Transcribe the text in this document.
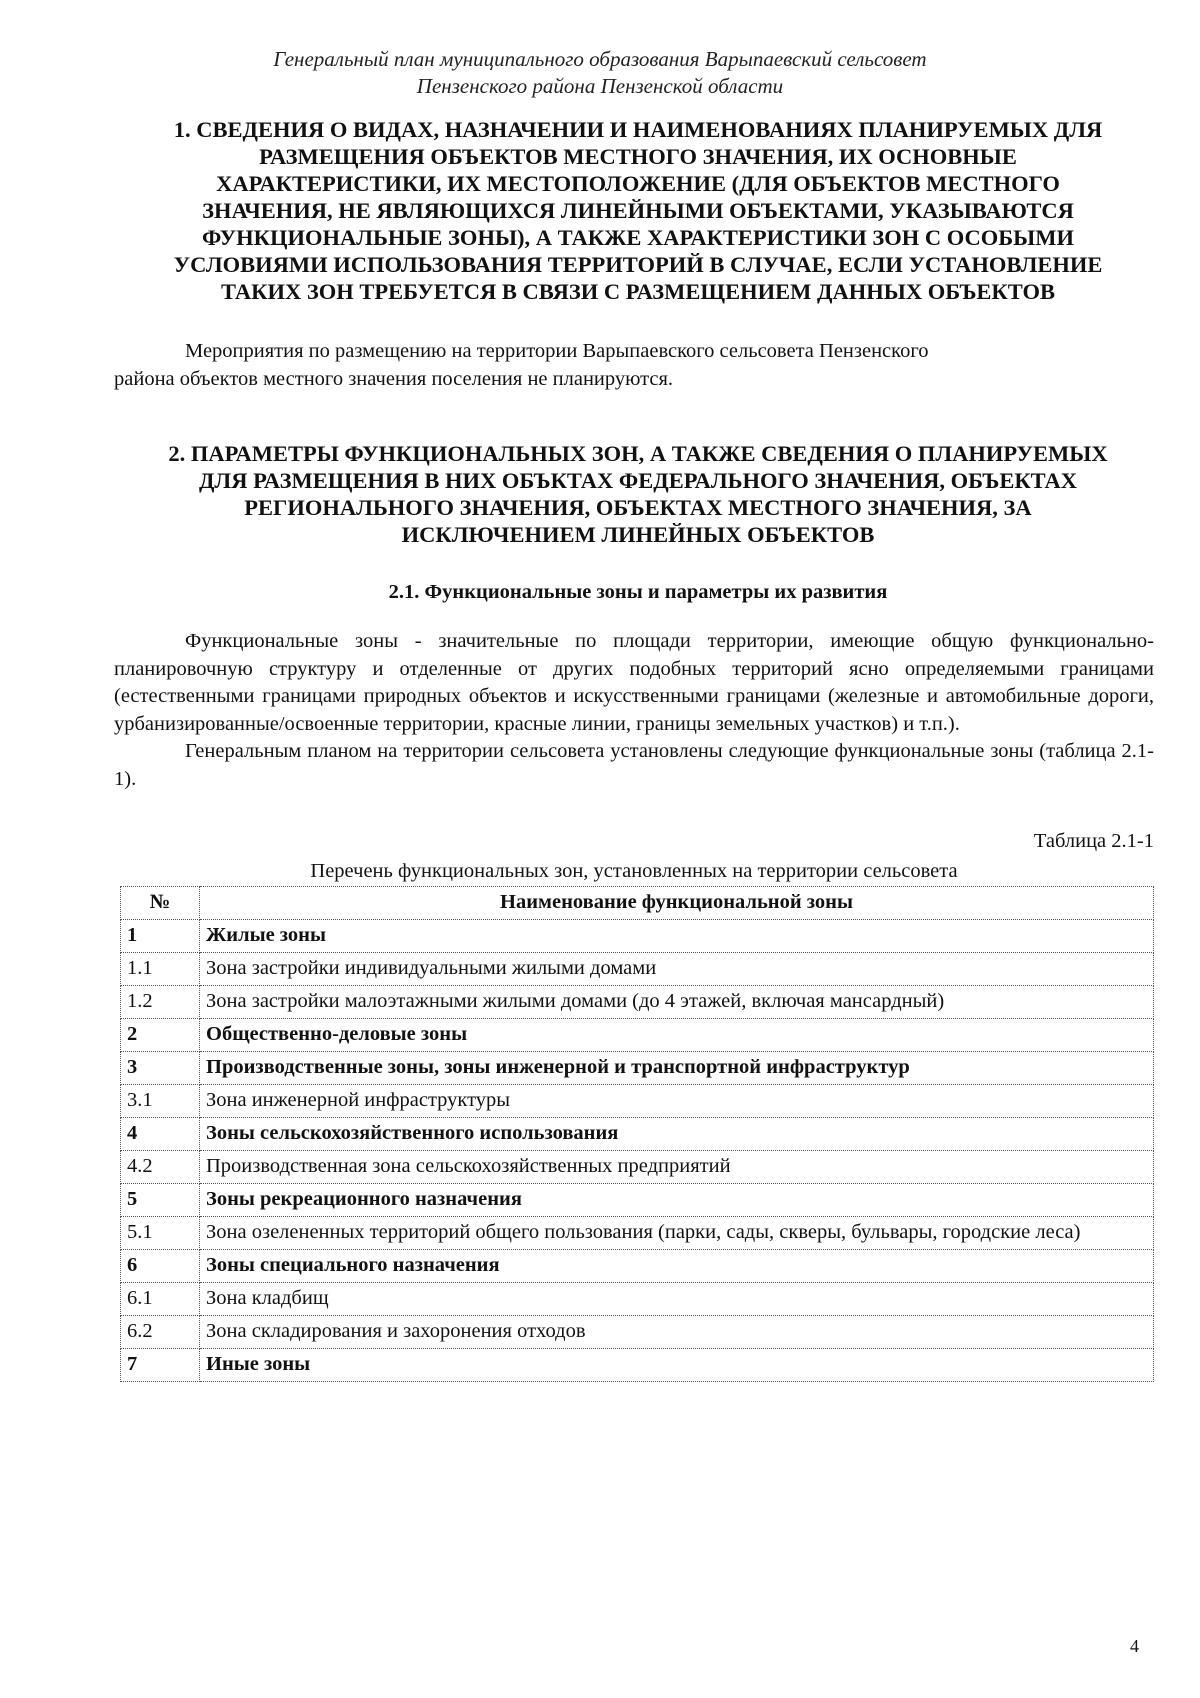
Генеральный план муниципального образования Варыпаевский сельсовет
Пензенского района Пензенской области
1. СВЕДЕНИЯ О ВИДАХ, НАЗНАЧЕНИИ И НАИМЕНОВАНИЯХ ПЛАНИРУЕМЫХ ДЛЯ
РАЗМЕЩЕНИЯ ОБЪЕКТОВ МЕСТНОГО ЗНАЧЕНИЯ, ИХ ОСНОВНЫЕ
ХАРАКТЕРИСТИКИ, ИХ МЕСТОПОЛОЖЕНИЕ (ДЛЯ ОБЪЕКТОВ МЕСТНОГО
ЗНАЧЕНИЯ, НЕ ЯВЛЯЮЩИХСЯ ЛИНЕЙНЫМИ ОБЪЕКТАМИ, УКАЗЫВАЮТСЯ
ФУНКЦИОНАЛЬНЫЕ ЗОНЫ), А ТАКЖЕ ХАРАКТЕРИСТИКИ ЗОН С ОСОБЫМИ
УСЛОВИЯМИ ИСПОЛЬЗОВАНИЯ ТЕРРИТОРИЙ В СЛУЧАЕ, ЕСЛИ УСТАНОВЛЕНИЕ
ТАКИХ ЗОН ТРЕБУЕТСЯ В СВЯЗИ С РАЗМЕЩЕНИЕМ ДАННЫХ ОБЪЕКТОВ
Мероприятия по размещению на территории Варыпаевского сельсовета Пензенского
района объектов местного значения поселения не планируются.
2. ПАРАМЕТРЫ ФУНКЦИОНАЛЬНЫХ ЗОН, А ТАКЖЕ СВЕДЕНИЯ О ПЛАНИРУЕМЫХ
ДЛЯ РАЗМЕЩЕНИЯ В НИХ ОБЪКТАХ ФЕДЕРАЛЬНОГО ЗНАЧЕНИЯ, ОБЪЕКТАХ
РЕГИОНАЛЬНОГО ЗНАЧЕНИЯ, ОБЪЕКТАХ МЕСТНОГО ЗНАЧЕНИЯ, ЗА
ИСКЛЮЧЕНИЕМ ЛИНЕЙНЫХ ОБЪЕКТОВ
2.1. Функциональные зоны и параметры их развития

Функциональные зоны - значительные по площади территории, имеющие общую функционально-планировочную структуру и отделенные от других подобных территорий ясно определяемыми границами (естественными границами природных объектов и искусственными границами (железные и автомобильные дороги, урбанизированные/освоенные территории, красные линии, границы земельных участков) и т.п.).

Генеральным планом на территории сельсовета установлены следующие функциональные зоны (таблица 2.1-1).

Таблица 2.1-1
Перечень функциональных зон, установленных на территории сельсовета
№	Наименование функциональной зоны
1	Жилые зоны
1.1	Зона застройки индивидуальными жилыми домами
1.2	Зона застройки малоэтажными жилыми домами (до 4 этажей, включая мансардный)
2	Общественно-деловые зоны
3	Производственные зоны, зоны инженерной и транспортной инфраструктур
3.1	Зона инженерной инфраструктуры
4	Зоны сельскохозяйственного использования
4.2	Производственная зона сельскохозяйственных предприятий
5	Зоны рекреационного назначения
5.1	Зона озелененных территорий общего пользования (парки, сады, скверы, бульвары, городские леса)
6	Зоны специального назначения
6.1	Зона кладбищ
6.2	Зона складирования и захоронения отходов
7	Иные зоны
4
